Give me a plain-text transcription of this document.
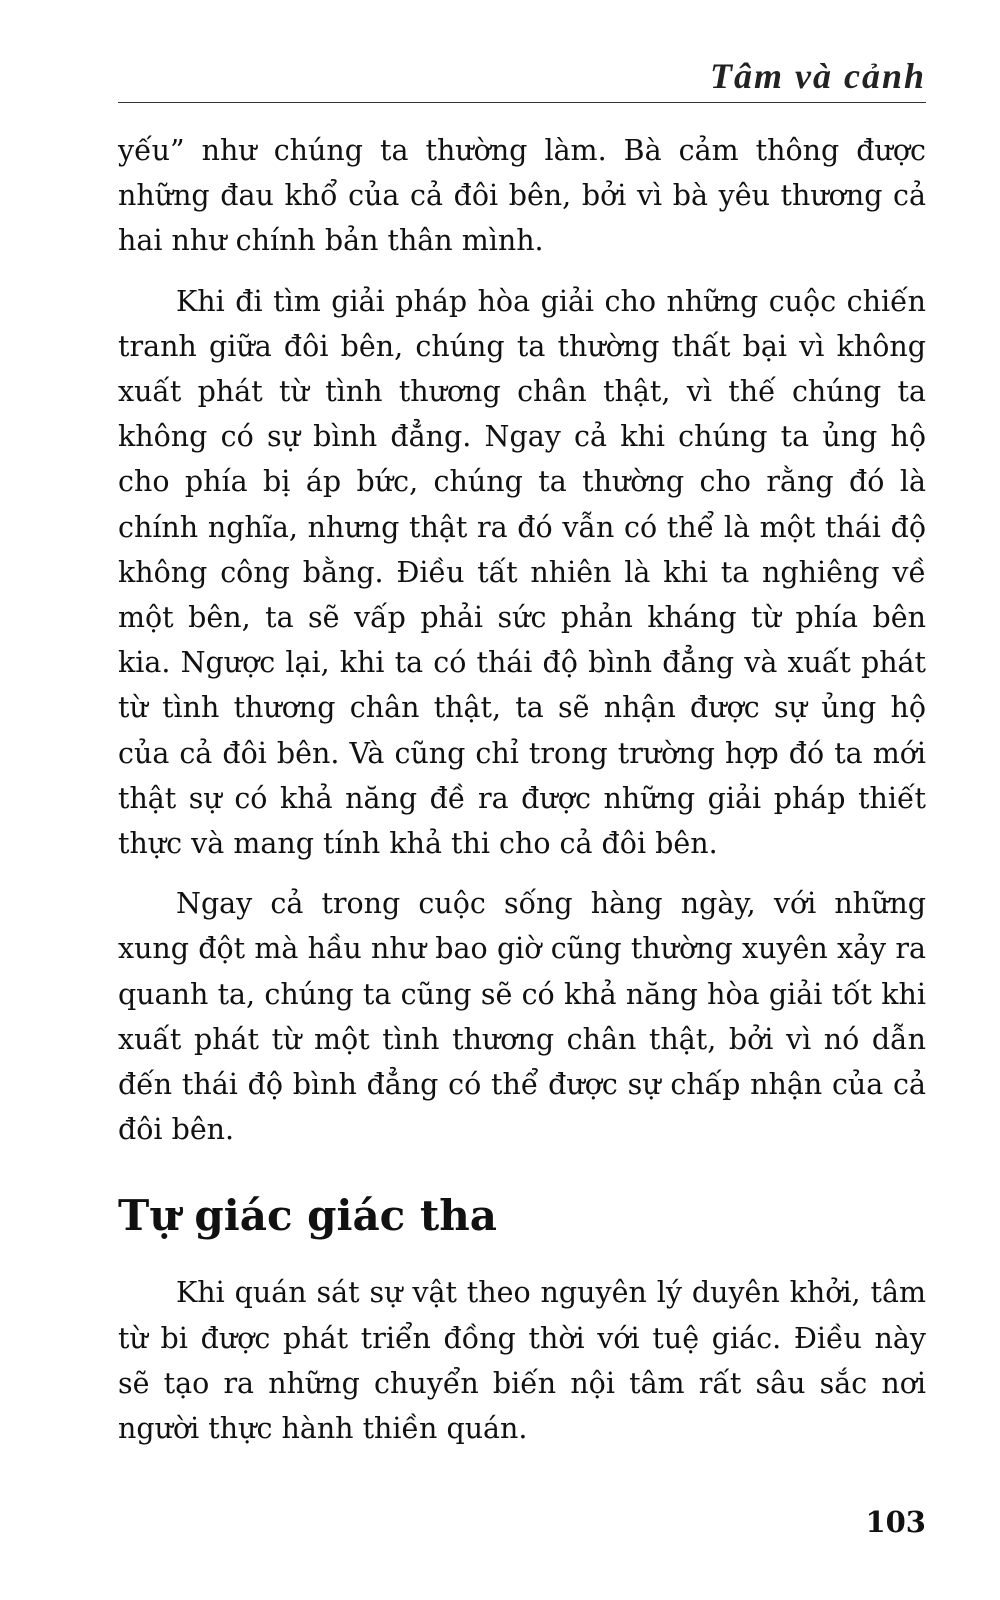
Tâm và cảnh

yếu” như chúng ta thường làm. Bà cảm thông được những đau khổ của cả đôi bên, bởi vì bà yêu thương cả hai như chính bản thân mình.

Khi đi tìm giải pháp hòa giải cho những cuộc chiến tranh giữa đôi bên, chúng ta thường thất bại vì không xuất phát từ tình thương chân thật, vì thế chúng ta không có sự bình đẳng. Ngay cả khi chúng ta ủng hộ cho phía bị áp bức, chúng ta thường cho rằng đó là chính nghĩa, nhưng thật ra đó vẫn có thể là một thái độ không công bằng. Điều tất nhiên là khi ta nghiêng về một bên, ta sẽ vấp phải sức phản kháng từ phía bên kia. Ngược lại, khi ta có thái độ bình đẳng và xuất phát từ tình thương chân thật, ta sẽ nhận được sự ủng hộ của cả đôi bên. Và cũng chỉ trong trường hợp đó ta mới thật sự có khả năng đề ra được những giải pháp thiết thực và mang tính khả thi cho cả đôi bên.

Ngay cả trong cuộc sống hàng ngày, với những xung đột mà hầu như bao giờ cũng thường xuyên xảy ra quanh ta, chúng ta cũng sẽ có khả năng hòa giải tốt khi xuất phát từ một tình thương chân thật, bởi vì nó dẫn đến thái độ bình đẳng có thể được sự chấp nhận của cả đôi bên.

Tự giác giác tha

Khi quán sát sự vật theo nguyên lý duyên khởi, tâm từ bi được phát triển đồng thời với tuệ giác. Điều này sẽ tạo ra những chuyển biến nội tâm rất sâu sắc nơi người thực hành thiền quán.

103
